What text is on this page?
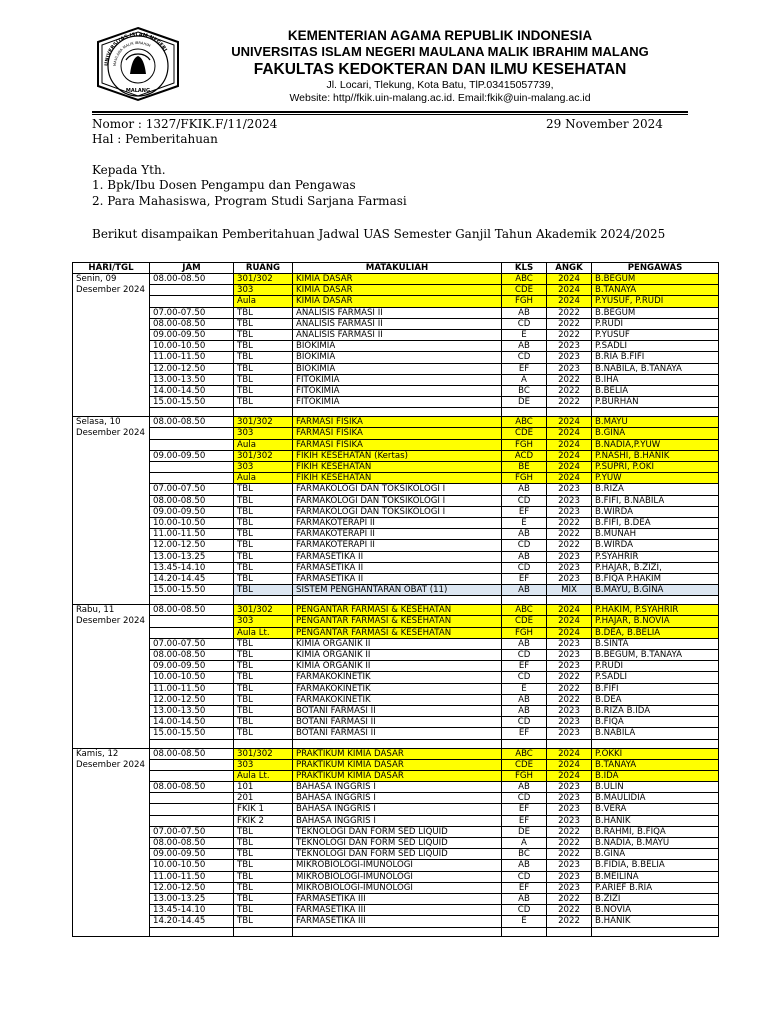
UNIVERSITAS ISLAM NEGERI
MAULANA MALIK IBRAHIM
MALANG
KEMENTERIAN AGAMA REPUBLIK INDONESIA
UNIVERSITAS ISLAM NEGERI MAULANA MALIK IBRAHIM MALANG
FAKULTAS KEDOKTERAN DAN ILMU KESEHATAN
Jl. Locari, Tlekung, Kota Batu, TlP.03415057739,
Website: http//fkik.uin-malang.ac.id. Email:fkik@uin-malang.ac.id
Nomor : 1327/FKIK.F/11/2024	29 November 2024
Hal : Pemberitahuan
Kepada Yth.
1. Bpk/Ibu Dosen Pengampu dan Pengawas
2. Para Mahasiswa, Program Studi Sarjana Farmasi
Berikut disampaikan Pemberitahuan Jadwal UAS Semester Ganjil Tahun Akademik 2024/2025
HARI/TGL	JAM	RUANG	MATAKULIAH	KLS	ANGK	PENGAWAS
Senin, 09 Desember 2024	08.00-08.50	301/302	KIMIA DASAR	ABC	2024	B.BEGUM
		303	KIMIA DASAR	CDE	2024	B.TANAYA
		Aula	KIMIA DASAR	FGH	2024	P.YUSUF, P.RUDI
	07.00-07.50	TBL	ANALISIS FARMASI II	AB	2022	B.BEGUM
	08.00-08.50	TBL	ANALISIS FARMASI II	CD	2022	P.RUDI
	09.00-09.50	TBL	ANALISIS FARMASI II	E	2022	P.YUSUF
	10.00-10.50	TBL	BIOKIMIA	AB	2023	P.SADLI
	11.00-11.50	TBL	BIOKIMIA	CD	2023	B.RIA B.FIFI
	12.00-12.50	TBL	BIOKIMIA	EF	2023	B.NABILA, B.TANAYA
	13.00-13.50	TBL	FITOKIMIA	A	2022	B.IHA
	14.00-14.50	TBL	FITOKIMIA	BC	2022	B.BELIA
	15.00-15.50	TBL	FITOKIMIA	DE	2022	P.BURHAN

Selasa, 10 Desember 2024	08.00-08.50	301/302	FARMASI FISIKA	ABC	2024	B.MAYU
		303	FARMASI FISIKA	CDE	2024	B.GINA
		Aula	FARMASI FISIKA	FGH	2024	B.NADIA,P.YUW
	09.00-09.50	301/302	FIKIH KESEHATAN (Kertas)	ACD	2024	P.NASHI, B.HANIK
		303	FIKIH KESEHATAN	BE	2024	P.SUPRI, P.OKI
		Aula	FIKIH KESEHATAN	FGH	2024	P.YUW
	07.00-07.50	TBL	FARMAKOLOGI DAN TOKSIKOLOGI I	AB	2023	B.RIZA
	08.00-08.50	TBL	FARMAKOLOGI DAN TOKSIKOLOGI I	CD	2023	B.FIFI, B.NABILA
	09.00-09.50	TBL	FARMAKOLOGI DAN TOKSIKOLOGI I	EF	2023	B.WIRDA
	10.00-10.50	TBL	FARMAKOTERAPI II	E	2022	B.FIFI, B.DEA
	11.00-11.50	TBL	FARMAKOTERAPI II	AB	2022	B.MUNAH
	12.00-12.50	TBL	FARMAKOTERAPI II	CD	2022	B.WIRDA
	13.00-13.25	TBL	FARMASETIKA II	AB	2023	P.SYAHRIR
	13.45-14.10	TBL	FARMASETIKA II	CD	2023	P.HAJAR, B.ZIZI,
	14.20-14.45	TBL	FARMASETIKA II	EF	2023	B.FIQA P.HAKIM
	15.00-15.50	TBL	SISTEM PENGHANTARAN OBAT (11)	AB	MIX	B.MAYU, B.GINA

Rabu, 11 Desember 2024	08.00-08.50	301/302	PENGANTAR FARMASI & KESEHATAN	ABC	2024	P.HAKIM, P.SYAHRIR
		303	PENGANTAR FARMASI & KESEHATAN	CDE	2024	P.HAJAR, B.NOVIA
		Aula Lt.	PENGANTAR FARMASI & KESEHATAN	FGH	2024	B.DEA, B.BELIA
	07.00-07.50	TBL	KIMIA ORGANIK II	AB	2023	B.SINTA
	08.00-08.50	TBL	KIMIA ORGANIK II	CD	2023	B.BEGUM, B.TANAYA
	09.00-09.50	TBL	KIMIA ORGANIK II	EF	2023	P.RUDI
	10.00-10.50	TBL	FARMAKOKINETIK	CD	2022	P.SADLI
	11.00-11.50	TBL	FARMAKOKINETIK	E	2022	B.FIFI
	12.00-12.50	TBL	FARMAKOKINETIK	AB	2022	B.DEA
	13.00-13.50	TBL	BOTANI FARMASI II	AB	2023	B.RIZA B.IDA
	14.00-14.50	TBL	BOTANI FARMASI II	CD	2023	B.FIQA
	15.00-15.50	TBL	BOTANI FARMASI II	EF	2023	B.NABILA

Kamis, 12 Desember 2024	08.00-08.50	301/302	PRAKTIKUM KIMIA DASAR	ABC	2024	P.OKKI
		303	PRAKTIKUM KIMIA DASAR	CDE	2024	B.TANAYA
		Aula Lt.	PRAKTIKUM KIMIA DASAR	FGH	2024	B.IDA
	08.00-08.50	101	BAHASA INGGRIS I	AB	2023	B.ULIN
		201	BAHASA INGGRIS I	CD	2023	B.MAULIDIA
		FKIK 1	BAHASA INGGRIS I	EF	2023	B.VERA
		FKIK 2	BAHASA INGGRIS I	EF	2023	B.HANIK
	07.00-07.50	TBL	TEKNOLOGI DAN FORM SED LIQUID	DE	2022	B.RAHMI, B.FIQA
	08.00-08.50	TBL	TEKNOLOGI DAN FORM SED LIQUID	A	2022	B.NADIA, B.MAYU
	09.00-09.50	TBL	TEKNOLOGI DAN FORM SED LIQUID	BC	2022	B.GINA
	10.00-10.50	TBL	MIKROBIOLOGI-IMUNOLOGI	AB	2023	B.FIDIA, B.BELIA
	11.00-11.50	TBL	MIKROBIOLOGI-IMUNOLOGI	CD	2023	B.MEILINA
	12.00-12.50	TBL	MIKROBIOLOGI-IMUNOLOGI	EF	2023	P.ARIEF B.RIA
	13.00-13.25	TBL	FARMASETIKA III	AB	2022	B.ZIZI
	13.45-14.10	TBL	FARMASETIKA III	CD	2022	B.NOVIA
	14.20-14.45	TBL	FARMASETIKA III	E	2022	B.HANIK
